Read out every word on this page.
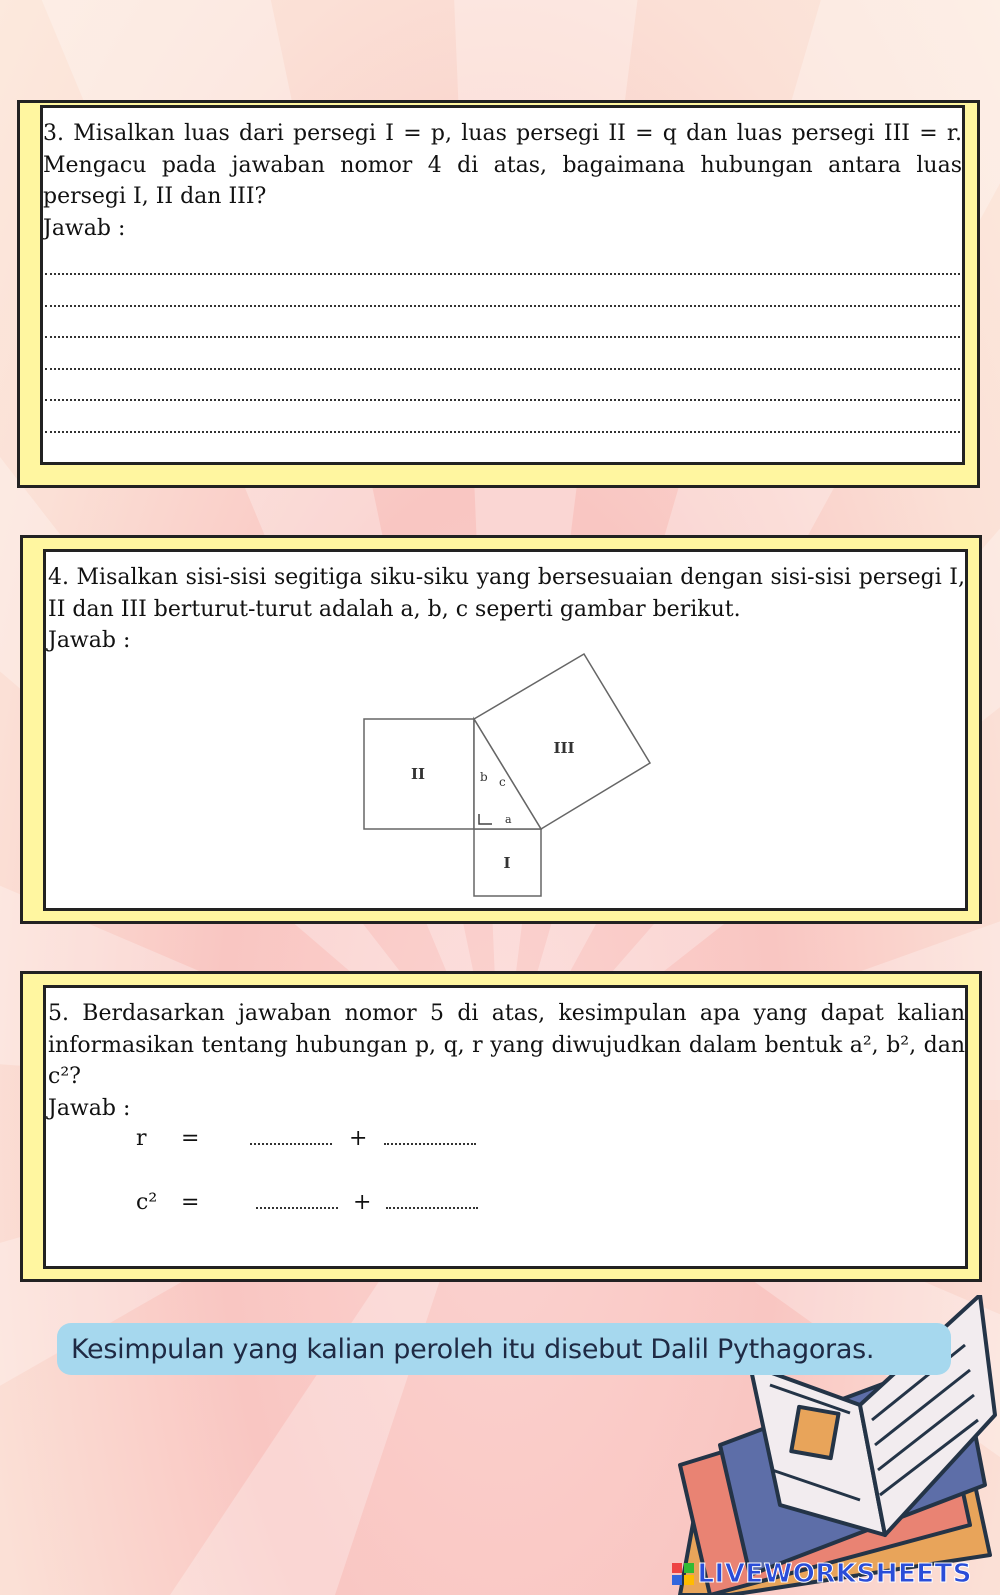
3. Misalkan luas dari persegi I = p, luas persegi II = q dan luas persegi III = r. Mengacu pada jawaban nomor 4 di atas, bagaimana hubungan antara luas persegi I, II dan III?

Jawab :

4. Misalkan sisi-sisi segitiga siku-siku yang bersesuaian dengan sisi-sisi persegi I, II dan III berturut-turut adalah a, b, c seperti gambar berikut.

Jawab :

II
I
III
b c
a

5. Berdasarkan jawaban nomor 5 di atas, kesimpulan apa yang dapat kalian informasikan tentang hubungan p, q, r yang diwujudkan dalam bentuk a², b², dan c²?

Jawab :

r =	+
c² =	+
Kesimpulan yang kalian peroleh itu disebut Dalil Pythagoras.
LIVEWORKSHEETS
